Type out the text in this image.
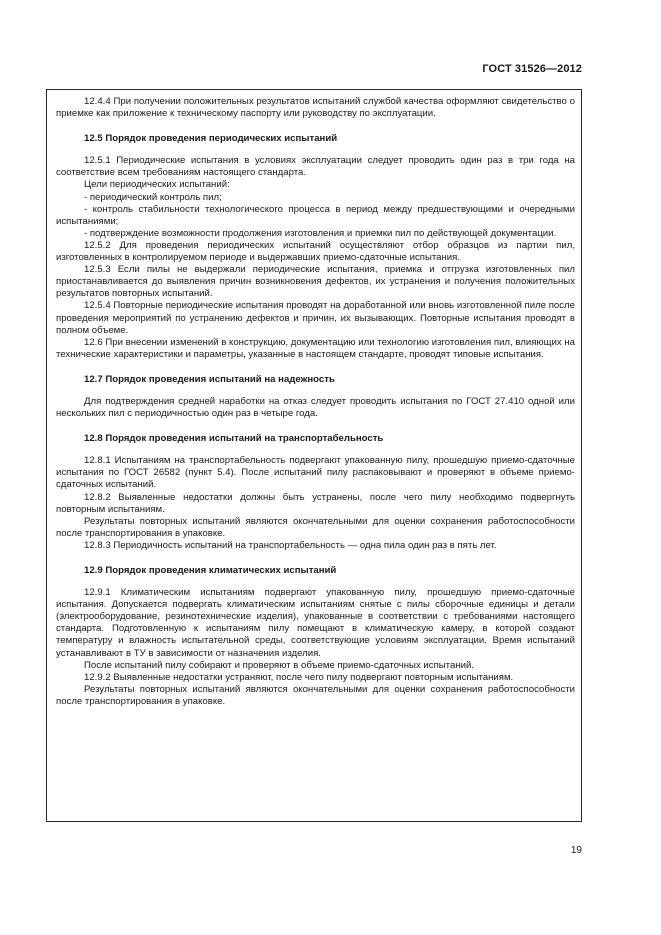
ГОСТ 31526—2012

12.4.4 При получении положительных результатов испытаний службой качества оформляют свидетельство о приемке как приложение к техническому паспорту или руководству по эксплуатации.

12.5 Порядок проведения периодических испытаний

12.5.1 Периодические испытания в условиях эксплуатации следует проводить один раз в три года на соответствие всем требованиям настоящего стандарта.

Цели периодических испытаний:

- периодический контроль пил;

- контроль стабильности технологического процесса в период между предшествующими и очередными испытаниями;

- подтверждение возможности продолжения изготовления и приемки пил по действующей документации.

12.5.2 Для проведения периодических испытаний осуществляют отбор образцов из партии пил, изготовленных в контролируемом периоде и выдержавших приемо-сдаточные испытания.

12.5.3 Если пилы не выдержали периодические испытания, приемка и отгрузка изготовленных пил приостанавливается до выявления причин возникновения дефектов, их устранения и получения положительных результатов повторных испытаний.

12.5.4 Повторные периодические испытания проводят на доработанной или вновь изготовленной пиле после проведения мероприятий по устранению дефектов и причин, их вызывающих. Повторные испытания проводят в полном объеме.

12.6 При внесении изменений в конструкцию, документацию или технологию изготовления пил, влияющих на технические характеристики и параметры, указанные в настоящем стандарте, проводят типовые испытания.

12.7 Порядок проведения испытаний на надежность

Для подтверждения средней наработки на отказ следует проводить испытания по ГОСТ 27.410 одной или нескольких пил с периодичностью один раз в четыре года.

12.8 Порядок проведения испытаний на транспортабельность

12.8.1 Испытаниям на транспортабельность подвергают упакованную пилу, прошедшую приемо-сдаточные испытания по ГОСТ 26582 (пункт 5.4). После испытаний пилу распаковывают и проверяют в объеме приемо-сдаточных испытаний.

12.8.2 Выявленные недостатки должны быть устранены, после чего пилу необходимо подвергнуть повторным испытаниям.

Результаты повторных испытаний являются окончательными для оценки сохранения работоспособности после транспортирования в упаковке.

12.8.3 Периодичность испытаний на транспортабельность — одна пила один раз в пять лет.

12.9 Порядок проведения климатических испытаний

12.9.1 Климатическим испытаниям подвергают упакованную пилу, прошедшую приемо-сдаточные испытания. Допускается подвергать климатическим испытаниям снятые с пилы сборочные единицы и детали (электрооборудование, резинотехнические изделия), упакованные в соответствии с требованиями настоящего стандарта. Подготовленную к испытаниям пилу помещают в климатическую камеру, в которой создают температуру и влажность испытательной среды, соответствующие условиям эксплуатации. Время испытаний устанавливают в ТУ в зависимости от назначения изделия.

После испытаний пилу собирают и проверяют в объеме приемо-сдаточных испытаний.

12.9.2 Выявленные недостатки устраняют, после чего пилу подвергают повторным испытаниям.

Результаты повторных испытаний являются окончательными для оценки сохранения работоспособности после транспортирования в упаковке.

19
